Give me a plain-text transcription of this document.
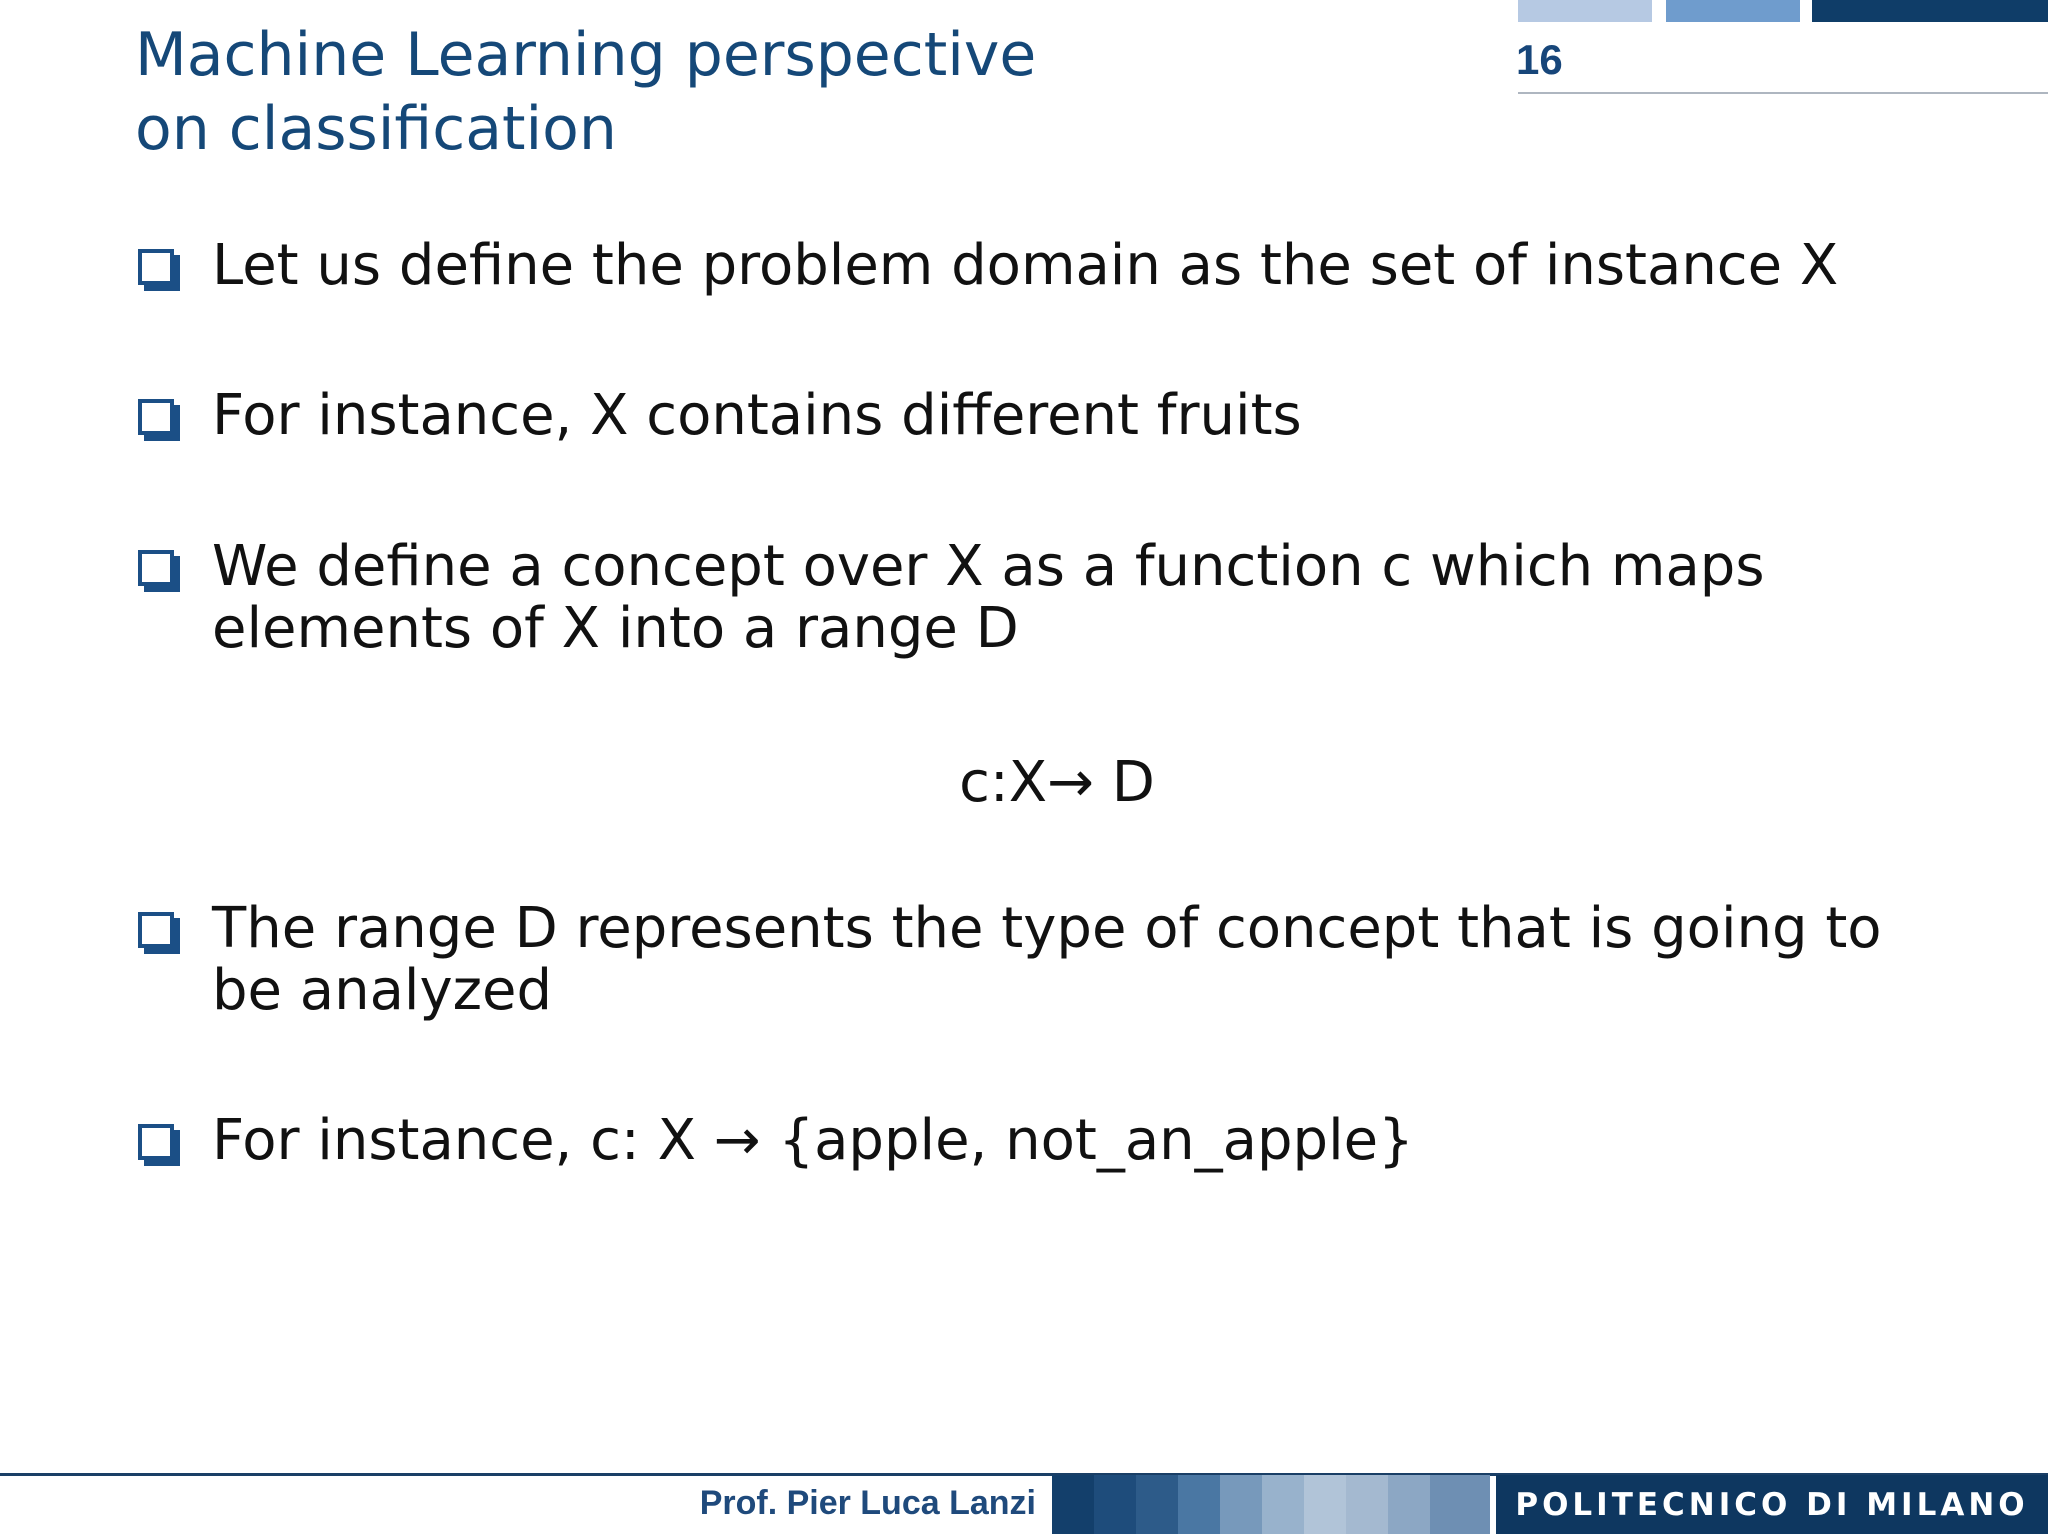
16
Machine Learning perspective
on classification
Let us define the problem domain as the set of instance X
For instance, X contains different fruits
We define a concept over X as a function c which maps
elements of X into a range D
c:X→ D
The range D represents the type of concept that is going to
be analyzed
For instance, c: X → {apple, not_an_apple}
Prof. Pier Luca Lanzi	POLITECNICO DI MILANO
